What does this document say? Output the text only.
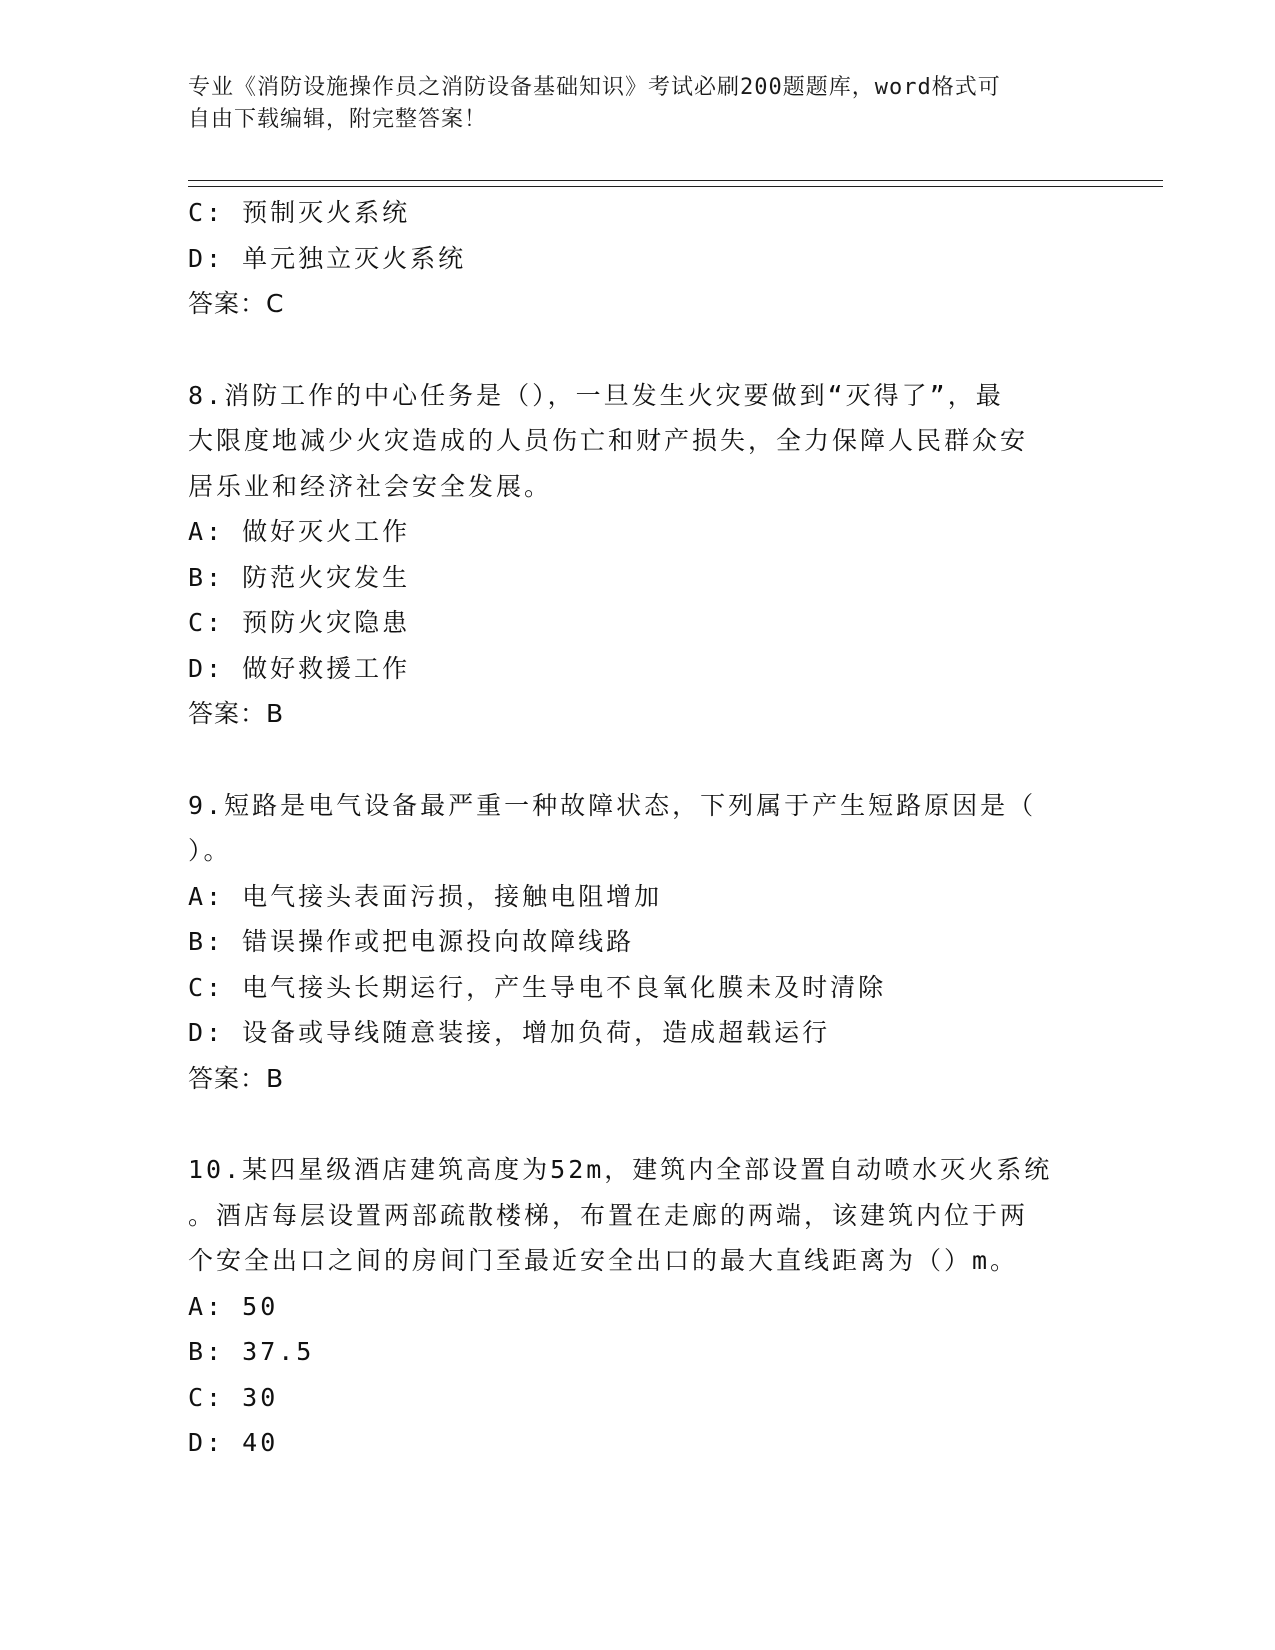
专业《消防设施操作员之消防设备基础知识》考试必刷200题题库，word格式可
自由下载编辑，附完整答案！
C: 预制灭火系统
D: 单元独立灭火系统
答案：C
8.消防工作的中心任务是（），一旦发生火灾要做到“灭得了”，最
大限度地减少火灾造成的人员伤亡和财产损失，全力保障人民群众安
居乐业和经济社会安全发展。
A: 做好灭火工作
B: 防范火灾发生
C: 预防火灾隐患
D: 做好救援工作
答案：B
9.短路是电气设备最严重一种故障状态，下列属于产生短路原因是（
）。
A: 电气接头表面污损，接触电阻增加
B: 错误操作或把电源投向故障线路
C: 电气接头长期运行，产生导电不良氧化膜未及时清除
D: 设备或导线随意装接，增加负荷，造成超载运行
答案：B
10.某四星级酒店建筑高度为52m，建筑内全部设置自动喷水灭火系统
。酒店每层设置两部疏散楼梯，布置在走廊的两端，该建筑内位于两
个安全出口之间的房间门至最近安全出口的最大直线距离为（）m。
A: 50
B: 37.5
C: 30
D: 40
